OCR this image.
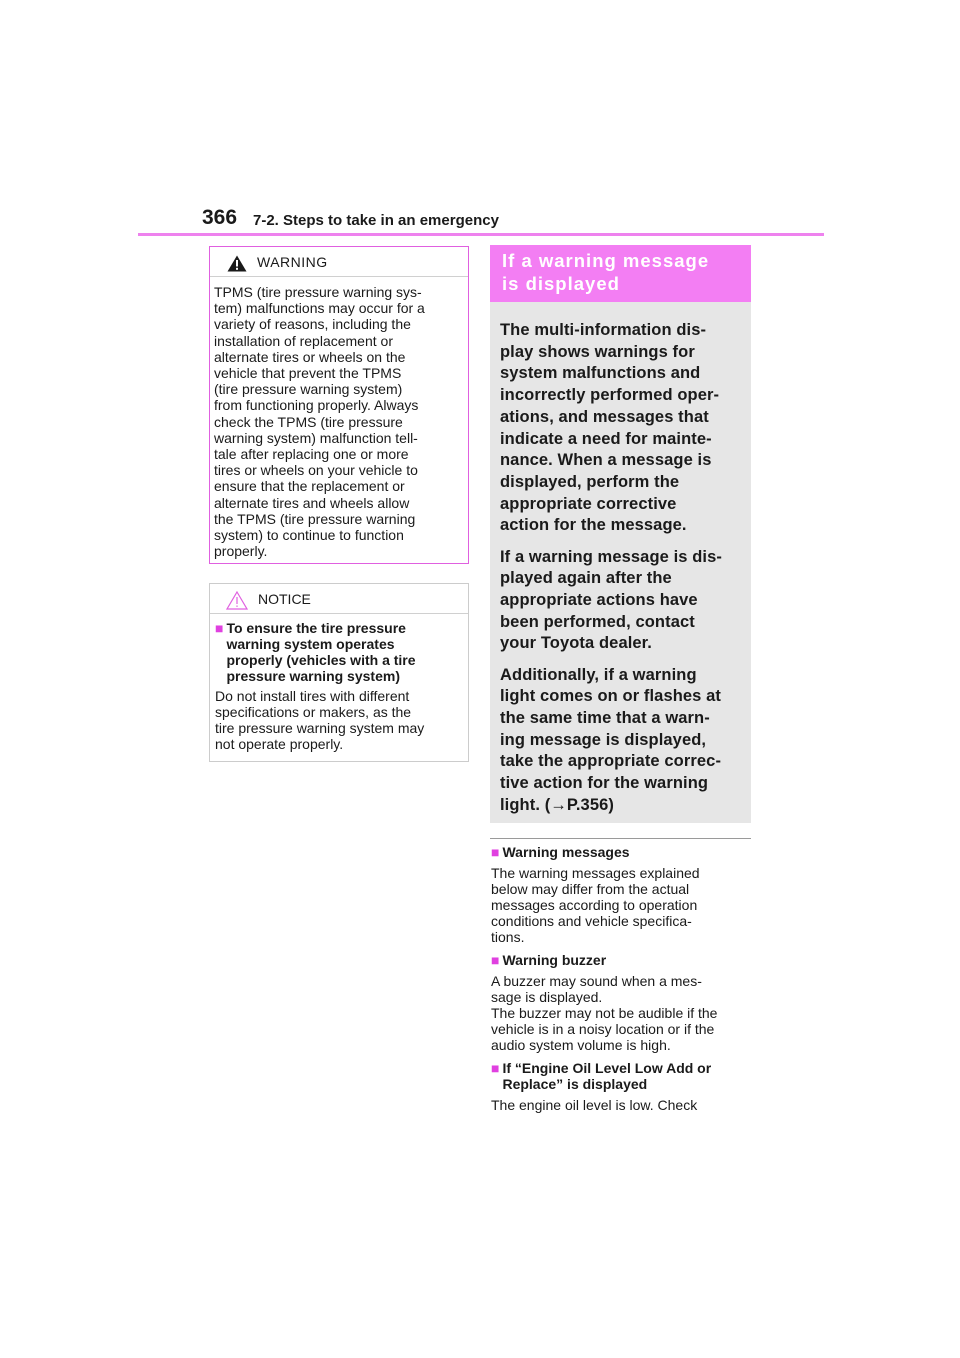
366 7-2. Steps to take in an emergency
WARNING
TPMS (tire pressure warning sys-
tem) malfunctions may occur for a
variety of reasons, including the
installation of replacement or
alternate tires or wheels on the
vehicle that prevent the TPMS
(tire pressure warning system)
from functioning properly. Always
check the TPMS (tire pressure
warning system) malfunction tell-
tale after replacing one or more
tires or wheels on your vehicle to
ensure that the replacement or
alternate tires and wheels allow
the TPMS (tire pressure warning
system) to continue to function
properly.
NOTICE
■ To ensure the tire pressure
warning system operates
properly (vehicles with a tire
pressure warning system)
Do not install tires with different
specifications or makers, as the
tire pressure warning system may
not operate properly.
If a warning message
is displayed

The multi-information dis-
play shows warnings for
system malfunctions and
incorrectly performed oper-
ations, and messages that
indicate a need for mainte-
nance. When a message is
displayed, perform the
appropriate corrective
action for the message.

If a warning message is dis-
played again after the
appropriate actions have
been performed, contact
your Toyota dealer.

Additionally, if a warning
light comes on or flashes at
the same time that a warn-
ing message is displayed,
take the appropriate correc-
tive action for the warning
light. (→P.356)

■ Warning messages
The warning messages explained
below may differ from the actual
messages according to operation
conditions and vehicle specifica-
tions.
■ Warning buzzer
A buzzer may sound when a mes-
sage is displayed.
The buzzer may not be audible if the
vehicle is in a noisy location or if the
audio system volume is high.
■ If “Engine Oil Level Low Add or
Replace” is displayed
The engine oil level is low. Check
